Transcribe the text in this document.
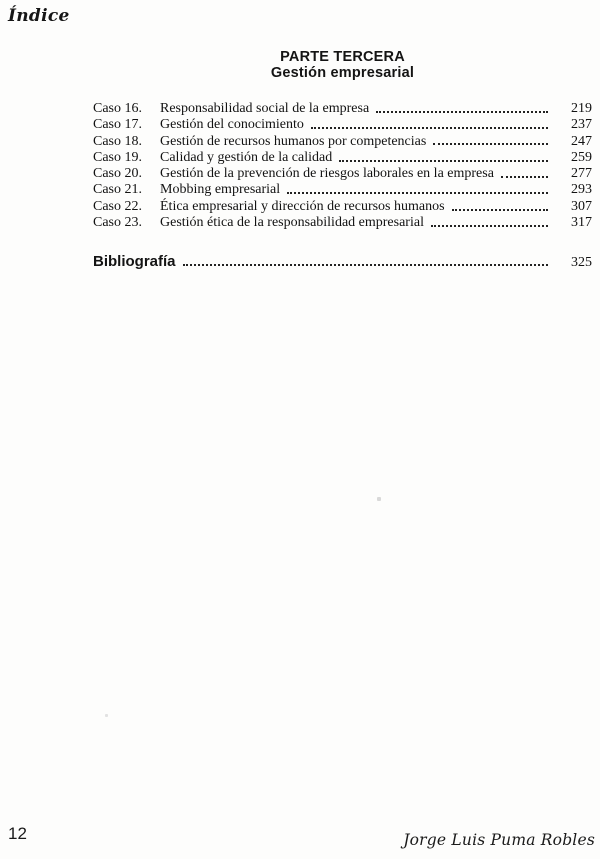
Índice
PARTE TERCERA
Gestión empresarial
Caso 16.	Responsabilidad social de la empresa	219
Caso 17.	Gestión del conocimiento	237
Caso 18.	Gestión de recursos humanos por competencias	247
Caso 19.	Calidad y gestión de la calidad	259
Caso 20.	Gestión de la prevención de riesgos laborales en la empresa	277
Caso 21.	Mobbing empresarial	293
Caso 22.	Ética empresarial y dirección de recursos humanos	307
Caso 23.	Gestión ética de la responsabilidad empresarial	317
Bibliografía	325
12	Jorge Luis Puma Robles
